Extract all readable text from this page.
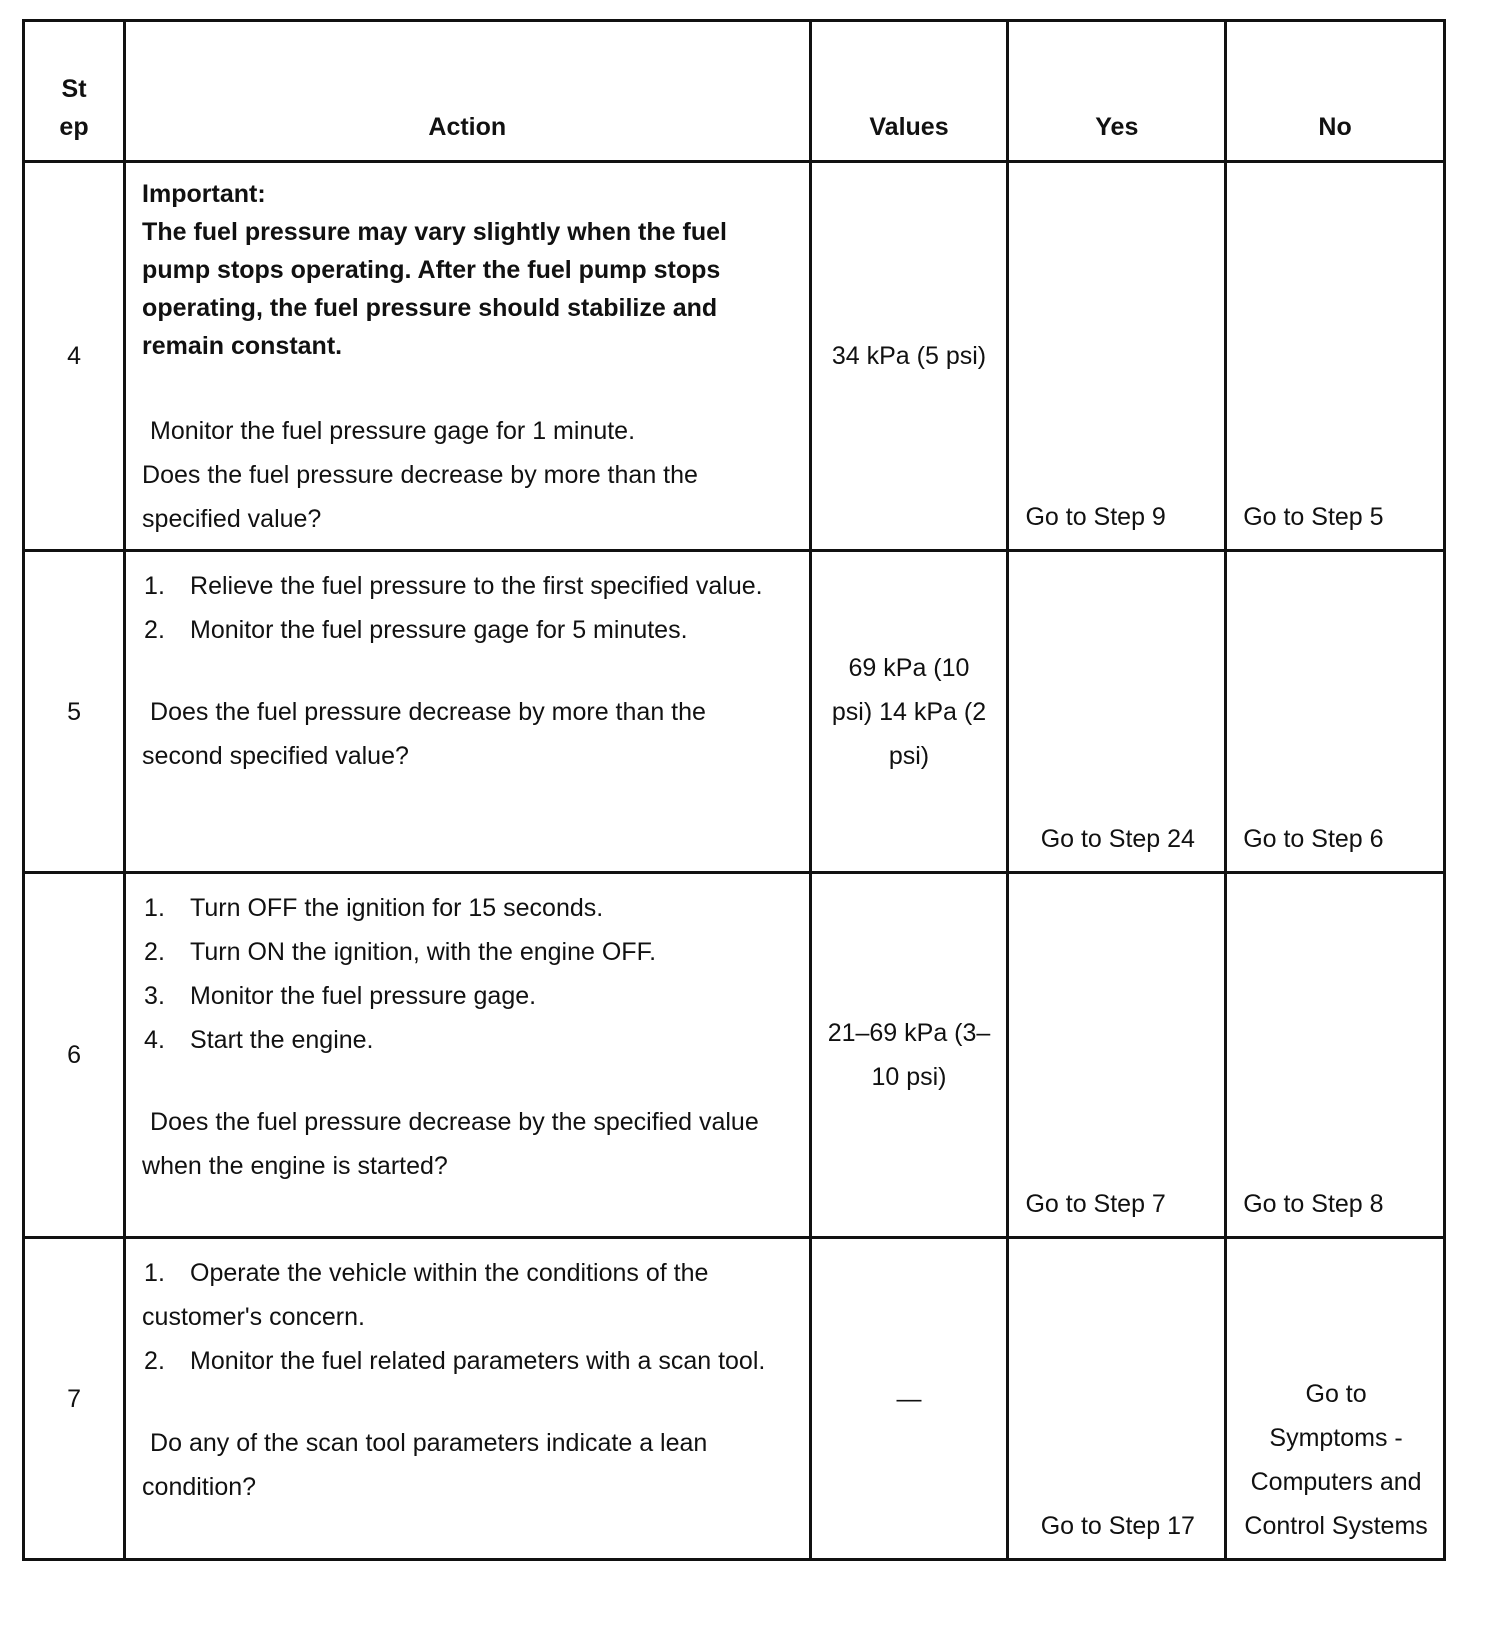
St
ep	Action	Values	Yes	No
4	Important:
The fuel pressure may vary slightly when the fuel pump stops operating. After the fuel pump stops operating, the fuel pressure should stabilize and remain constant.
Monitor the fuel pressure gage for 1 minute.
Does the fuel pressure decrease by more than the specified value?	34 kPa (5 psi)	Go to Step 9	Go to Step 5
5	1. Relieve the fuel pressure to the first specified value.
2. Monitor the fuel pressure gage for 5 minutes.
Does the fuel pressure decrease by more than the second specified value?	69 kPa (10 psi) 14 kPa (2 psi)	Go to Step 24	Go to Step 6
6	1. Turn OFF the ignition for 15 seconds.
2. Turn ON the ignition, with the engine OFF.
3. Monitor the fuel pressure gage.
4. Start the engine.
Does the fuel pressure decrease by the specified value when the engine is started?	21–69 kPa (3–10 psi)	Go to Step 7	Go to Step 8
7	1. Operate the vehicle within the conditions of the customer's concern.
2. Monitor the fuel related parameters with a scan tool.
Do any of the scan tool parameters indicate a lean condition?	—	Go to Step 17	Go to Symptoms - Computers and Control Systems
